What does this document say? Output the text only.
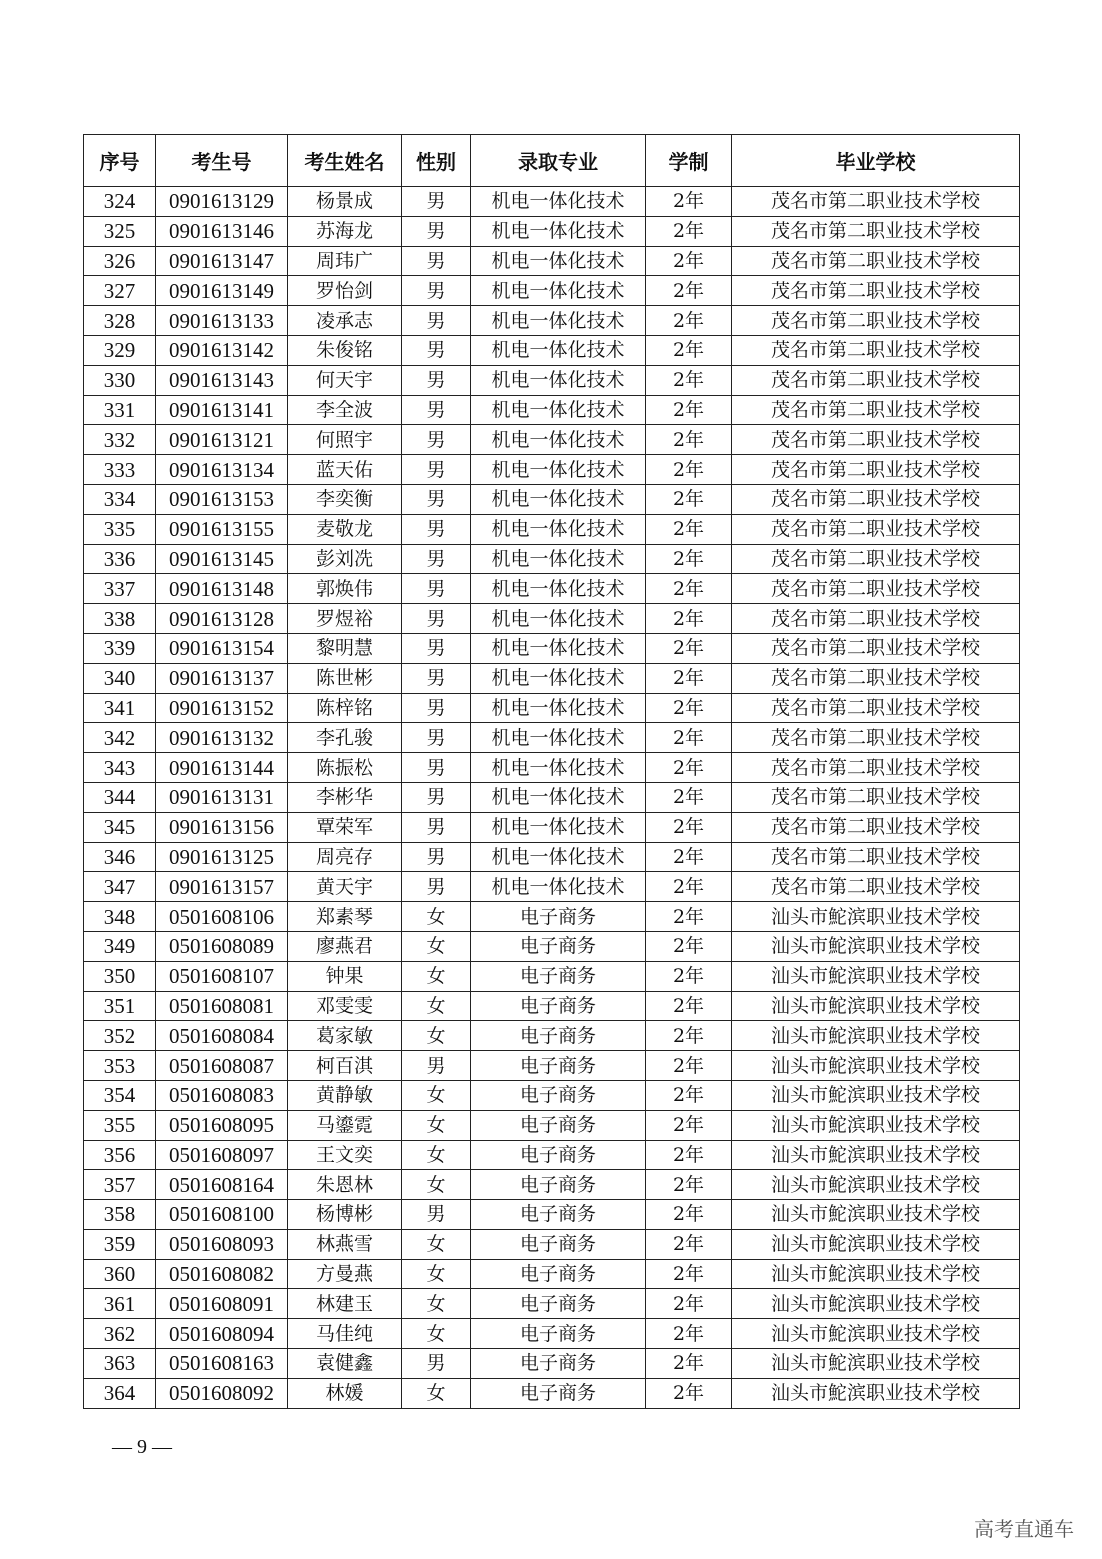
序号	考生号	考生姓名	性别	录取专业	学制	毕业学校
324	0901613129	杨景成	男	机电一体化技术	2年	茂名市第二职业技术学校
325	0901613146	苏海龙	男	机电一体化技术	2年	茂名市第二职业技术学校
326	0901613147	周玮广	男	机电一体化技术	2年	茂名市第二职业技术学校
327	0901613149	罗怡剑	男	机电一体化技术	2年	茂名市第二职业技术学校
328	0901613133	凌承志	男	机电一体化技术	2年	茂名市第二职业技术学校
329	0901613142	朱俊铭	男	机电一体化技术	2年	茂名市第二职业技术学校
330	0901613143	何天宇	男	机电一体化技术	2年	茂名市第二职业技术学校
331	0901613141	李全波	男	机电一体化技术	2年	茂名市第二职业技术学校
332	0901613121	何照宇	男	机电一体化技术	2年	茂名市第二职业技术学校
333	0901613134	蓝天佑	男	机电一体化技术	2年	茂名市第二职业技术学校
334	0901613153	李奕衡	男	机电一体化技术	2年	茂名市第二职业技术学校
335	0901613155	麦敬龙	男	机电一体化技术	2年	茂名市第二职业技术学校
336	0901613145	彭刘冼	男	机电一体化技术	2年	茂名市第二职业技术学校
337	0901613148	郭焕伟	男	机电一体化技术	2年	茂名市第二职业技术学校
338	0901613128	罗煜裕	男	机电一体化技术	2年	茂名市第二职业技术学校
339	0901613154	黎明慧	男	机电一体化技术	2年	茂名市第二职业技术学校
340	0901613137	陈世彬	男	机电一体化技术	2年	茂名市第二职业技术学校
341	0901613152	陈梓铭	男	机电一体化技术	2年	茂名市第二职业技术学校
342	0901613132	李孔骏	男	机电一体化技术	2年	茂名市第二职业技术学校
343	0901613144	陈振松	男	机电一体化技术	2年	茂名市第二职业技术学校
344	0901613131	李彬华	男	机电一体化技术	2年	茂名市第二职业技术学校
345	0901613156	覃荣军	男	机电一体化技术	2年	茂名市第二职业技术学校
346	0901613125	周亮存	男	机电一体化技术	2年	茂名市第二职业技术学校
347	0901613157	黄天宇	男	机电一体化技术	2年	茂名市第二职业技术学校
348	0501608106	郑素琴	女	电子商务	2年	汕头市鮀滨职业技术学校
349	0501608089	廖燕君	女	电子商务	2年	汕头市鮀滨职业技术学校
350	0501608107	钟果	女	电子商务	2年	汕头市鮀滨职业技术学校
351	0501608081	邓雯雯	女	电子商务	2年	汕头市鮀滨职业技术学校
352	0501608084	葛家敏	女	电子商务	2年	汕头市鮀滨职业技术学校
353	0501608087	柯百淇	男	电子商务	2年	汕头市鮀滨职业技术学校
354	0501608083	黄静敏	女	电子商务	2年	汕头市鮀滨职业技术学校
355	0501608095	马鎏霓	女	电子商务	2年	汕头市鮀滨职业技术学校
356	0501608097	王文奕	女	电子商务	2年	汕头市鮀滨职业技术学校
357	0501608164	朱恩林	女	电子商务	2年	汕头市鮀滨职业技术学校
358	0501608100	杨博彬	男	电子商务	2年	汕头市鮀滨职业技术学校
359	0501608093	林燕雪	女	电子商务	2年	汕头市鮀滨职业技术学校
360	0501608082	方曼燕	女	电子商务	2年	汕头市鮀滨职业技术学校
361	0501608091	林建玉	女	电子商务	2年	汕头市鮀滨职业技术学校
362	0501608094	马佳纯	女	电子商务	2年	汕头市鮀滨职业技术学校
363	0501608163	袁健鑫	男	电子商务	2年	汕头市鮀滨职业技术学校
364	0501608092	林媛	女	电子商务	2年	汕头市鮀滨职业技术学校
— 9 —
高考直通车
